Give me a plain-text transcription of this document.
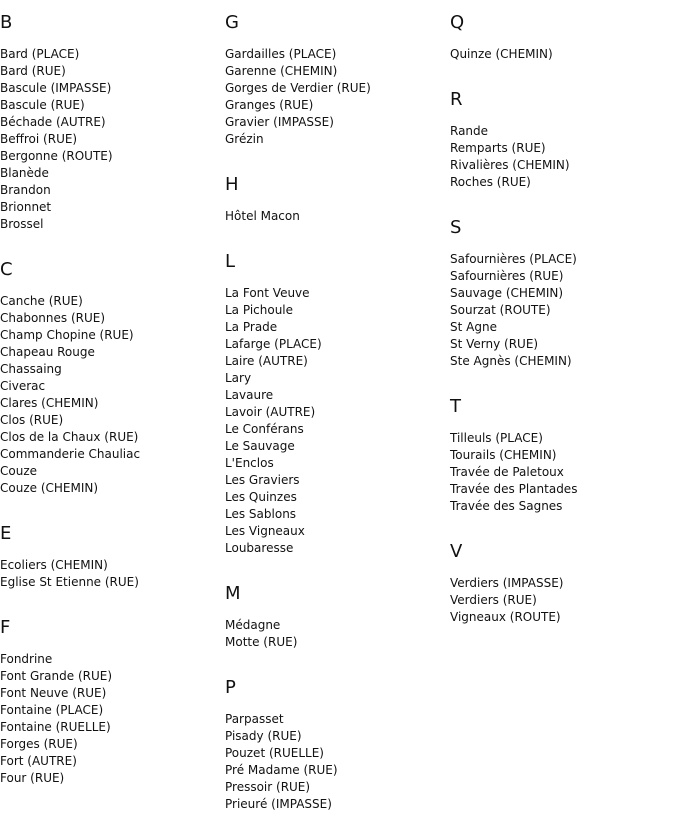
B
Bard (PLACE)
Bard (RUE)
Bascule (IMPASSE)
Bascule (RUE)
Béchade (AUTRE)
Beffroi (RUE)
Bergonne (ROUTE)
Blanède
Brandon
Brionnet
Brossel
C
Canche (RUE)
Chabonnes (RUE)
Champ Chopine (RUE)
Chapeau Rouge
Chassaing
Civerac
Clares (CHEMIN)
Clos (RUE)
Clos de la Chaux (RUE)
Commanderie Chauliac
Couze
Couze (CHEMIN)
E
Ecoliers (CHEMIN)
Eglise St Etienne (RUE)
F
Fondrine
Font Grande (RUE)
Font Neuve (RUE)
Fontaine (PLACE)
Fontaine (RUELLE)
Forges (RUE)
Fort (AUTRE)
Four (RUE)
G
Gardailles (PLACE)
Garenne (CHEMIN)
Gorges de Verdier (RUE)
Granges (RUE)
Gravier (IMPASSE)
Grézin
H
Hôtel Macon
L
La Font Veuve
La Pichoule
La Prade
Lafarge (PLACE)
Laire (AUTRE)
Lary
Lavaure
Lavoir (AUTRE)
Le Conférans
Le Sauvage
L'Enclos
Les Graviers
Les Quinzes
Les Sablons
Les Vigneaux
Loubaresse
M
Médagne
Motte (RUE)
P
Parpasset
Pisady (RUE)
Pouzet (RUELLE)
Pré Madame (RUE)
Pressoir (RUE)
Prieuré (IMPASSE)
Q
Quinze (CHEMIN)
R
Rande
Remparts (RUE)
Rivalières (CHEMIN)
Roches (RUE)
S
Safournières (PLACE)
Safournières (RUE)
Sauvage (CHEMIN)
Sourzat (ROUTE)
St Agne
St Verny (RUE)
Ste Agnès (CHEMIN)
T
Tilleuls (PLACE)
Tourails (CHEMIN)
Travée de Paletoux
Travée des Plantades
Travée des Sagnes
V
Verdiers (IMPASSE)
Verdiers (RUE)
Vigneaux (ROUTE)
